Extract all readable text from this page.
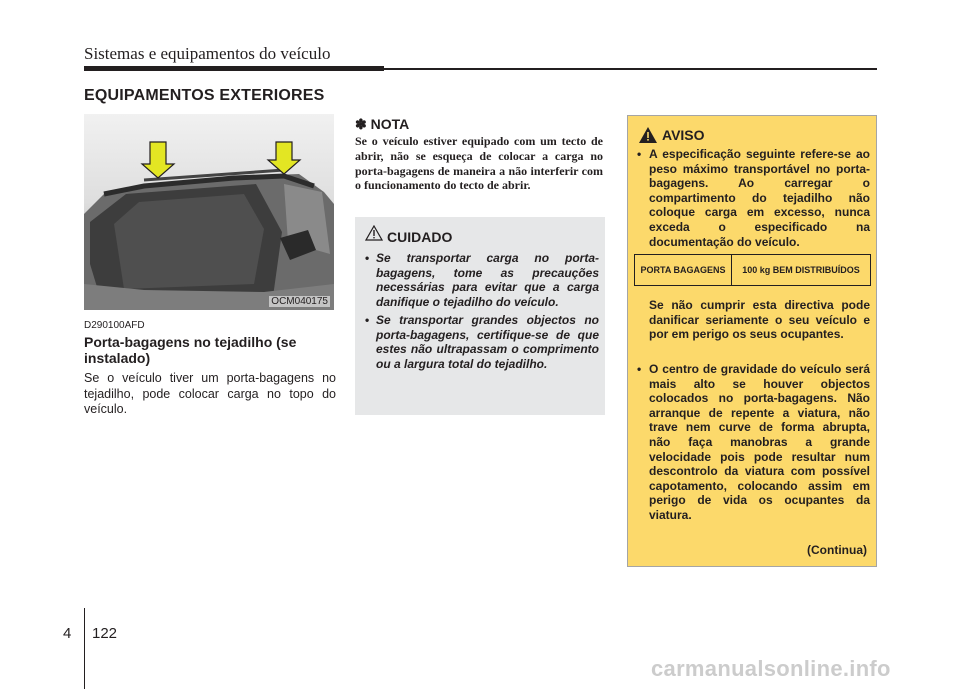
Sistemas e equipamentos do veículo
EQUIPAMENTOS EXTERIORES
OCM040175
D290100AFD
Porta-bagagens no tejadilho (se instalado)
Se o veículo tiver um porta-bagagens no tejadilho, pode colocar carga no topo do veículo.
✽ NOTA
Se o veículo estiver equipado com um tecto de abrir, não se esqueça de colocar a carga no porta-bagagens de maneira a não interferir com o funcionamento do tecto de abrir.
CUIDADO
• Se transportar carga no porta-bagagens, tome as precauções necessárias para evitar que a carga danifique o tejadilho do veículo.
• Se transportar grandes objectos no porta-bagagens, certifique-se de que estes não ultrapassam o comprimento ou a largura total do tejadilho.
AVISO
• A especificação seguinte refere-se ao peso máximo transportável no porta-bagagens. Ao carregar o compartimento do tejadilho não coloque carga em excesso, nunca exceda o especificado na documentação do veículo.
PORTA BAGAGENS	100 kg BEM DISTRIBUÍDOS
Se não cumprir esta directiva pode danificar seriamente o seu veículo e por em perigo os seus ocupantes.
• O centro de gravidade do veículo será mais alto se houver objectos colocados no porta-bagagens. Não arranque de repente a viatura, não trave nem curve de forma abrupta, não faça manobras a grande velocidade pois pode resultar num descontrolo da viatura com possível capotamento, colocando assim em perigo de vida os ocupantes da viatura.
(Continua)
4 122
carmanualsonline.info
